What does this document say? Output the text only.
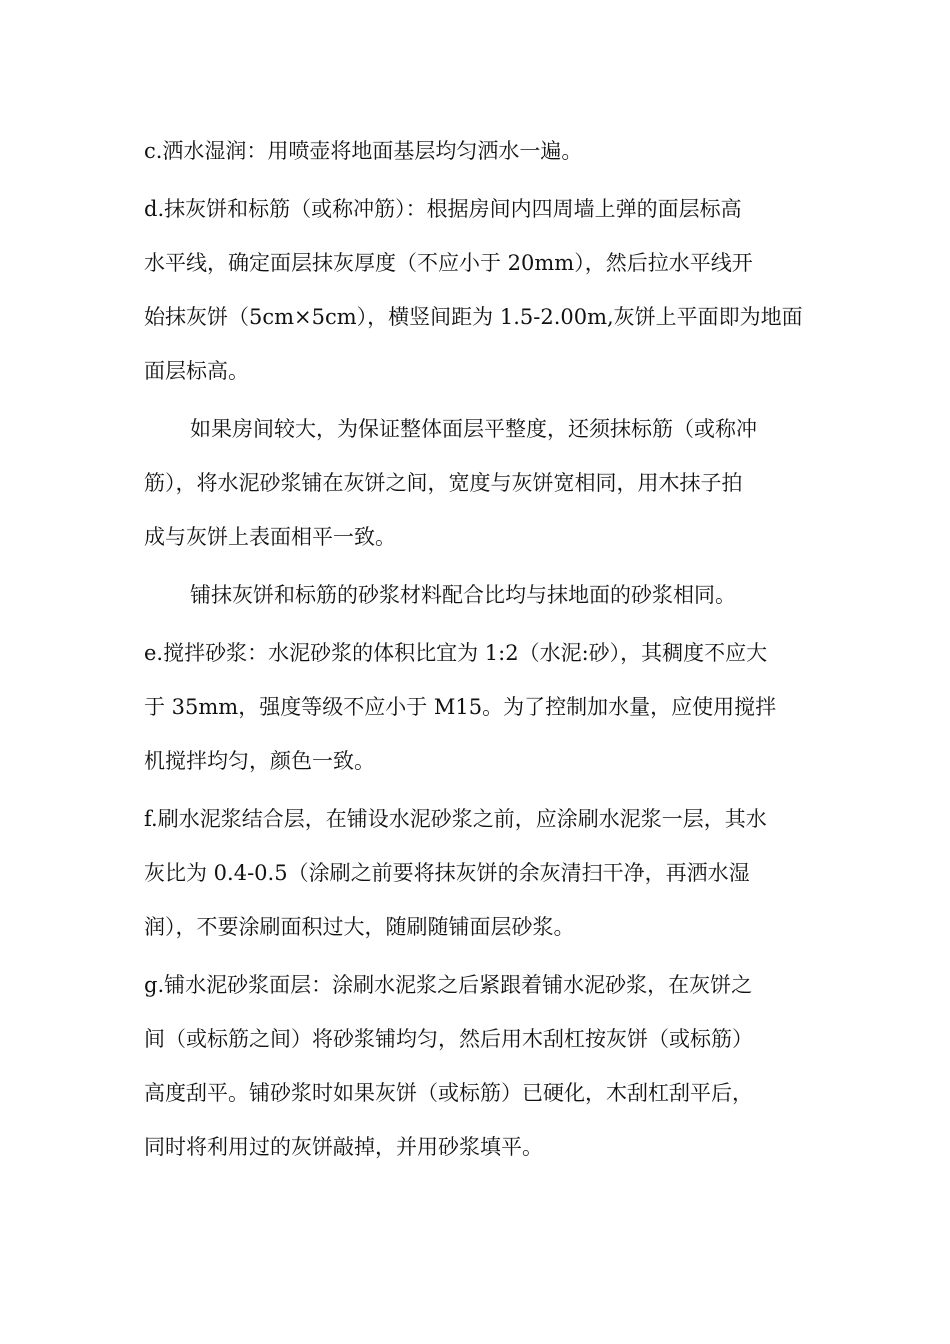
c.洒水湿润：用喷壶将地面基层均匀洒水一遍。

d.抹灰饼和标筋（或称冲筋）：根据房间内四周墙上弹的面层标高
水平线，确定面层抹灰厚度（不应小于 20mm），然后拉水平线开
始抹灰饼（5cm×5cm），横竖间距为 1.5-2.00m,灰饼上平面即为地面
面层标高。

如果房间较大，为保证整体面层平整度，还须抹标筋（或称冲
筋），将水泥砂浆铺在灰饼之间，宽度与灰饼宽相同，用木抹子拍
成与灰饼上表面相平一致。

铺抹灰饼和标筋的砂浆材料配合比均与抹地面的砂浆相同。

e.搅拌砂浆：水泥砂浆的体积比宜为 1:2（水泥:砂），其稠度不应大
于 35mm，强度等级不应小于 M15。为了控制加水量，应使用搅拌
机搅拌均匀，颜色一致。

f.刷水泥浆结合层，在铺设水泥砂浆之前，应涂刷水泥浆一层，其水
灰比为 0.4-0.5（涂刷之前要将抹灰饼的余灰清扫干净，再洒水湿
润），不要涂刷面积过大，随刷随铺面层砂浆。

g.铺水泥砂浆面层：涂刷水泥浆之后紧跟着铺水泥砂浆，在灰饼之
间（或标筋之间）将砂浆铺均匀，然后用木刮杠按灰饼（或标筋）
高度刮平。铺砂浆时如果灰饼（或标筋）已硬化，木刮杠刮平后，
同时将利用过的灰饼敲掉，并用砂浆填平。
